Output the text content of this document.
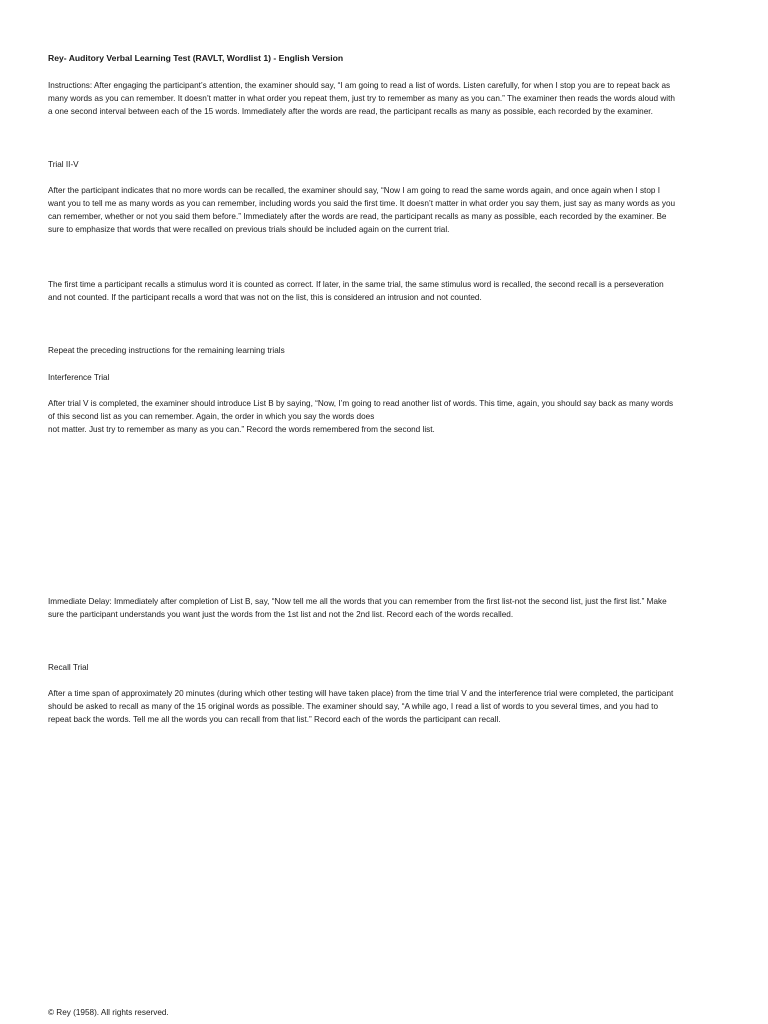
Rey- Auditory Verbal Learning Test (RAVLT, Wordlist 1) - English Version

Instructions: After engaging the participant’s attention, the examiner should say, “I am going to read a list of words. Listen carefully, for when I stop you are to repeat back as many words as you can remember. It doesn’t matter in what order you repeat them, just try to remember as many as you can.” The examiner then reads the words aloud with a one second interval between each of the 15 words. Immediately after the words are read, the participant recalls as many as possible, each recorded by the examiner.

Trial II-V

After the participant indicates that no more words can be recalled, the examiner should say, “Now I am going to read the same words again, and once again when I stop I want you to tell me as many words as you can remember, including words you said the first time. It doesn’t matter in what order you say them, just say as many words as you can remember, whether or not you said them before.” Immediately after the words are read, the participant recalls as many as possible, each recorded by the examiner. Be sure to emphasize that words that were recalled on previous trials should be included again on the current trial.

The first time a participant recalls a stimulus word it is counted as correct. If later, in the same trial, the same stimulus word is recalled, the second recall is a perseveration and not counted. If the participant recalls a word that was not on the list, this is considered an intrusion and not counted.

Repeat the preceding instructions for the remaining learning trials

Interference Trial

After trial V is completed, the examiner should introduce List B by saying, “Now, I’m going to read another list of words. This time, again, you should say back as many words of this second list as you can remember. Again, the order in which you say the words does

not matter. Just try to remember as many as you can.” Record the words remembered from the second list.

Immediate Delay: Immediately after completion of List B, say, “Now tell me all the words that you can remember from the first list-not the second list, just the first list.” Make sure the participant understands you want just the words from the 1st list and not the 2nd list. Record each of the words recalled.

Recall Trial

After a time span of approximately 20 minutes (during which other testing will have taken place) from the time trial V and the interference trial were completed, the participant should be asked to recall as many of the 15 original words as possible. The examiner should say, “A while ago, I read a list of words to you several times, and you had to repeat back the words. Tell me all the words you can recall from that list.” Record each of the words the participant can recall.

© Rey (1958). All rights reserved.
